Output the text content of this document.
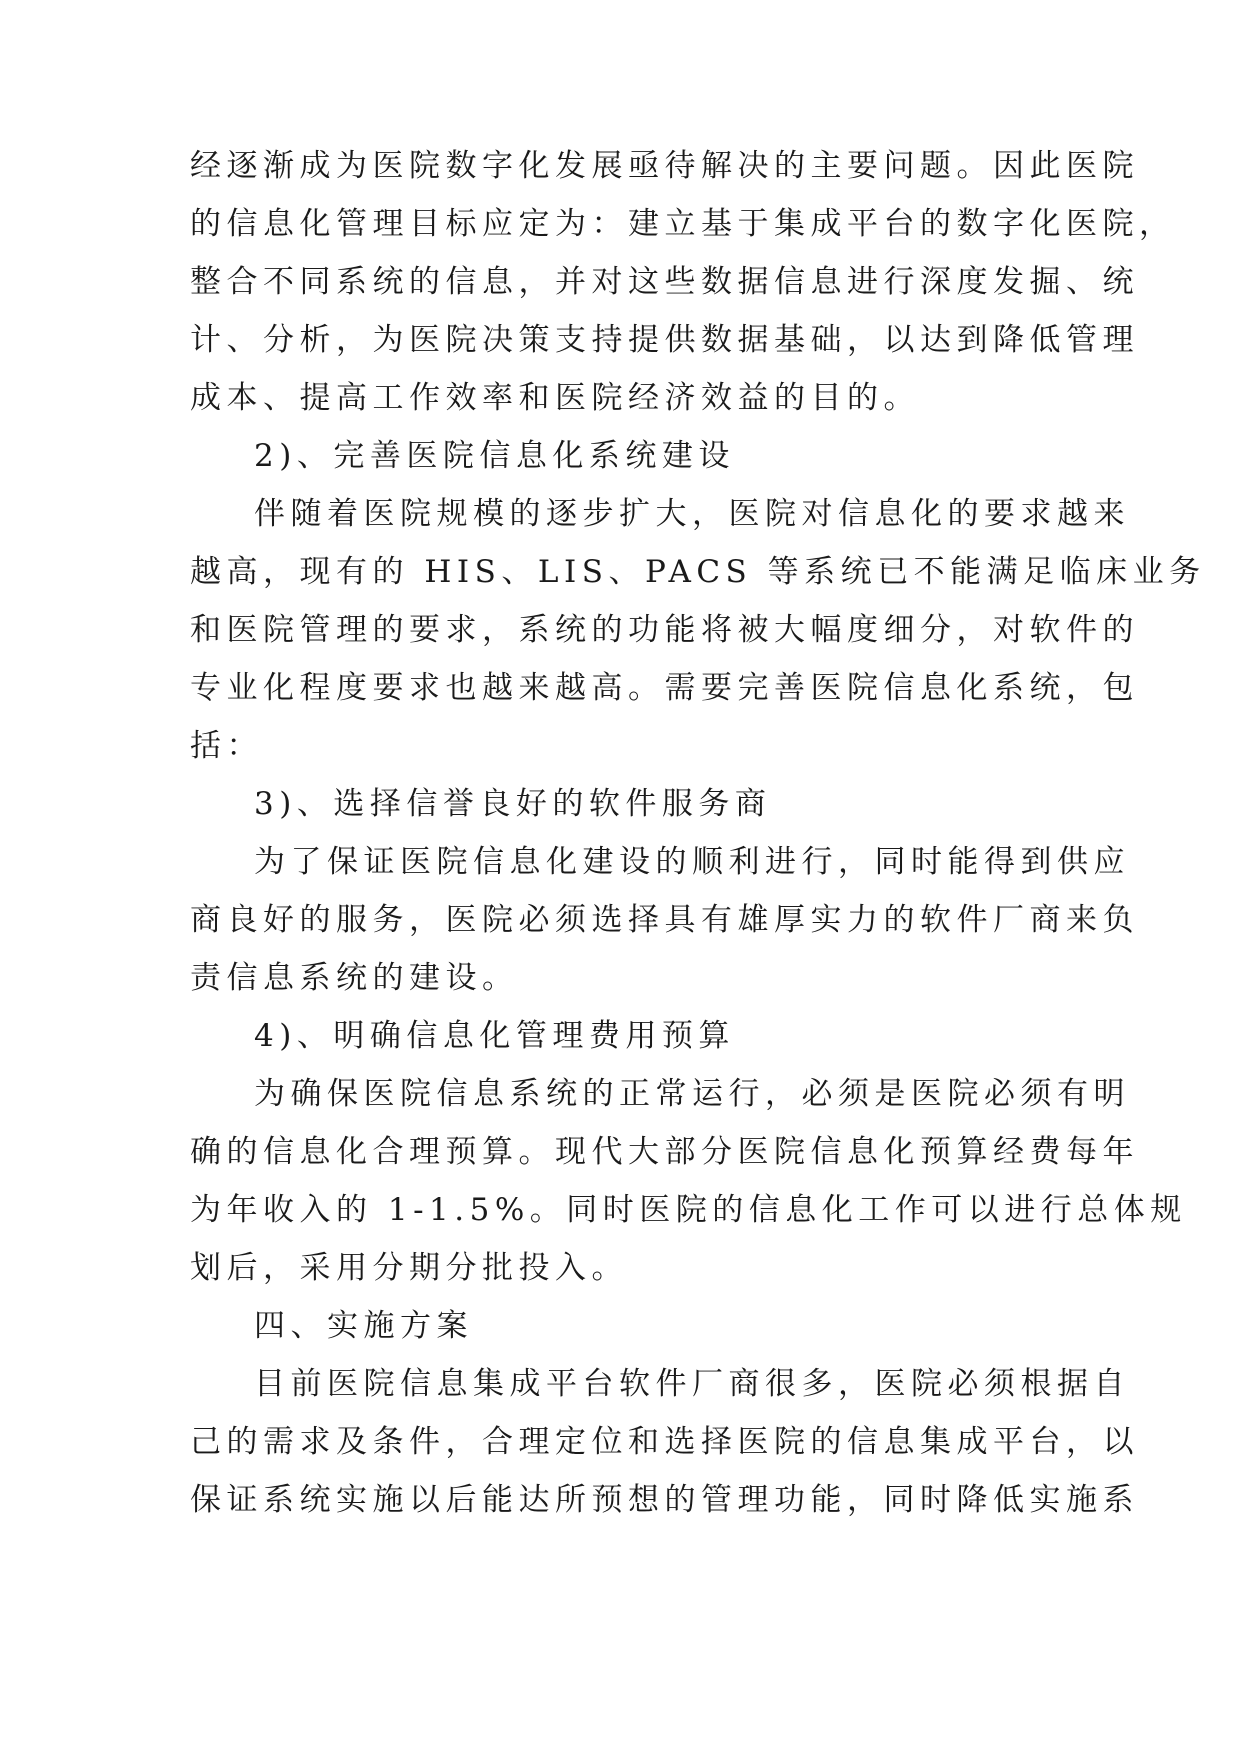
经逐渐成为医院数字化发展亟待解决的主要问题。因此医院
的信息化管理目标应定为：建立基于集成平台的数字化医院，
整合不同系统的信息，并对这些数据信息进行深度发掘、统
计、分析，为医院决策支持提供数据基础，以达到降低管理
成本、提高工作效率和医院经济效益的目的。
2)、完善医院信息化系统建设
伴随着医院规模的逐步扩大，医院对信息化的要求越来
越高，现有的 HIS、LIS、PACS 等系统已不能满足临床业务
和医院管理的要求，系统的功能将被大幅度细分，对软件的
专业化程度要求也越来越高。需要完善医院信息化系统，包
括：
3)、选择信誉良好的软件服务商
为了保证医院信息化建设的顺利进行，同时能得到供应
商良好的服务，医院必须选择具有雄厚实力的软件厂商来负
责信息系统的建设。
4)、明确信息化管理费用预算
为确保医院信息系统的正常运行，必须是医院必须有明
确的信息化合理预算。现代大部分医院信息化预算经费每年
为年收入的 1-1.5%。同时医院的信息化工作可以进行总体规
划后，采用分期分批投入。
四、实施方案
目前医院信息集成平台软件厂商很多，医院必须根据自
己的需求及条件，合理定位和选择医院的信息集成平台，以
保证系统实施以后能达所预想的管理功能，同时降低实施系
